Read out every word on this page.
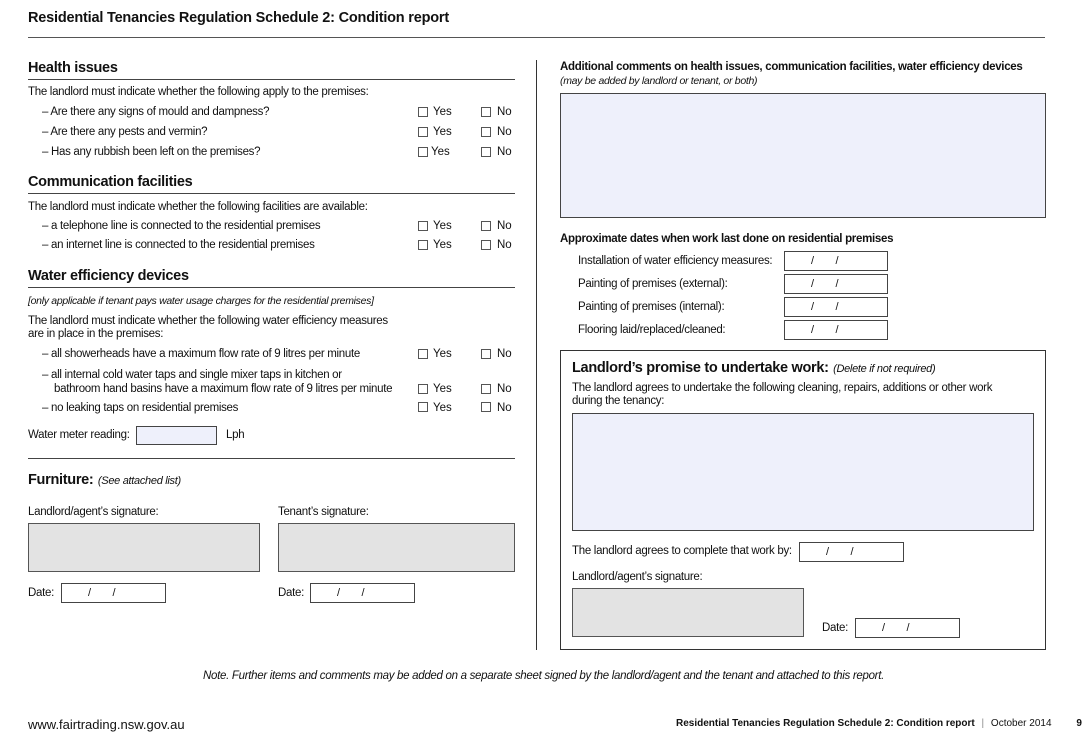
Residential Tenancies Regulation Schedule 2: Condition report
Health issues
The landlord must indicate whether the following apply to the premises:
– Are there any signs of mould and dampness?	Yes	No
– Are there any pests and vermin?	Yes	No
– Has any rubbish been left on the premises?	Yes	No
Communication facilities
The landlord must indicate whether the following facilities are available:
– a telephone line is connected to the residential premises	Yes	No
– an internet line is connected to the residential premises	Yes	No
Water efficiency devices
[only applicable if tenant pays water usage charges for the residential premises]
The landlord must indicate whether the following water efficiency measures
are in place in the premises:
– all showerheads have a maximum flow rate of 9 litres per minute	Yes	No
– all internal cold water taps and single mixer taps in kitchen or
bathroom hand basins have a maximum flow rate of 9 litres per minute	Yes	No
– no leaking taps on residential premises	Yes	No
Water meter reading:	Lph
Furniture: (See attached list)
Landlord/agent’s signature:	Tenant’s signature:
Date:	/       /	Date:	/       /
Additional comments on health issues, communication facilities, water efficiency devices
(may be added by landlord or tenant, or both)
Approximate dates when work last done on residential premises
Installation of water efficiency measures:	/       /
Painting of premises (external):	/       /
Painting of premises (internal):	/       /
Flooring laid/replaced/cleaned:	/       /
Landlord’s promise to undertake work: (Delete if not required)
The landlord agrees to undertake the following cleaning, repairs, additions or other work
during the tenancy:
The landlord agrees to complete that work by:	/       /
Landlord/agent’s signature:
Date:	/       /
Note. Further items and comments may be added on a separate sheet signed by the landlord/agent and the tenant and attached to this report.
www.fairtrading.nsw.gov.au	Residential Tenancies Regulation Schedule 2: Condition report | October 2014 9
